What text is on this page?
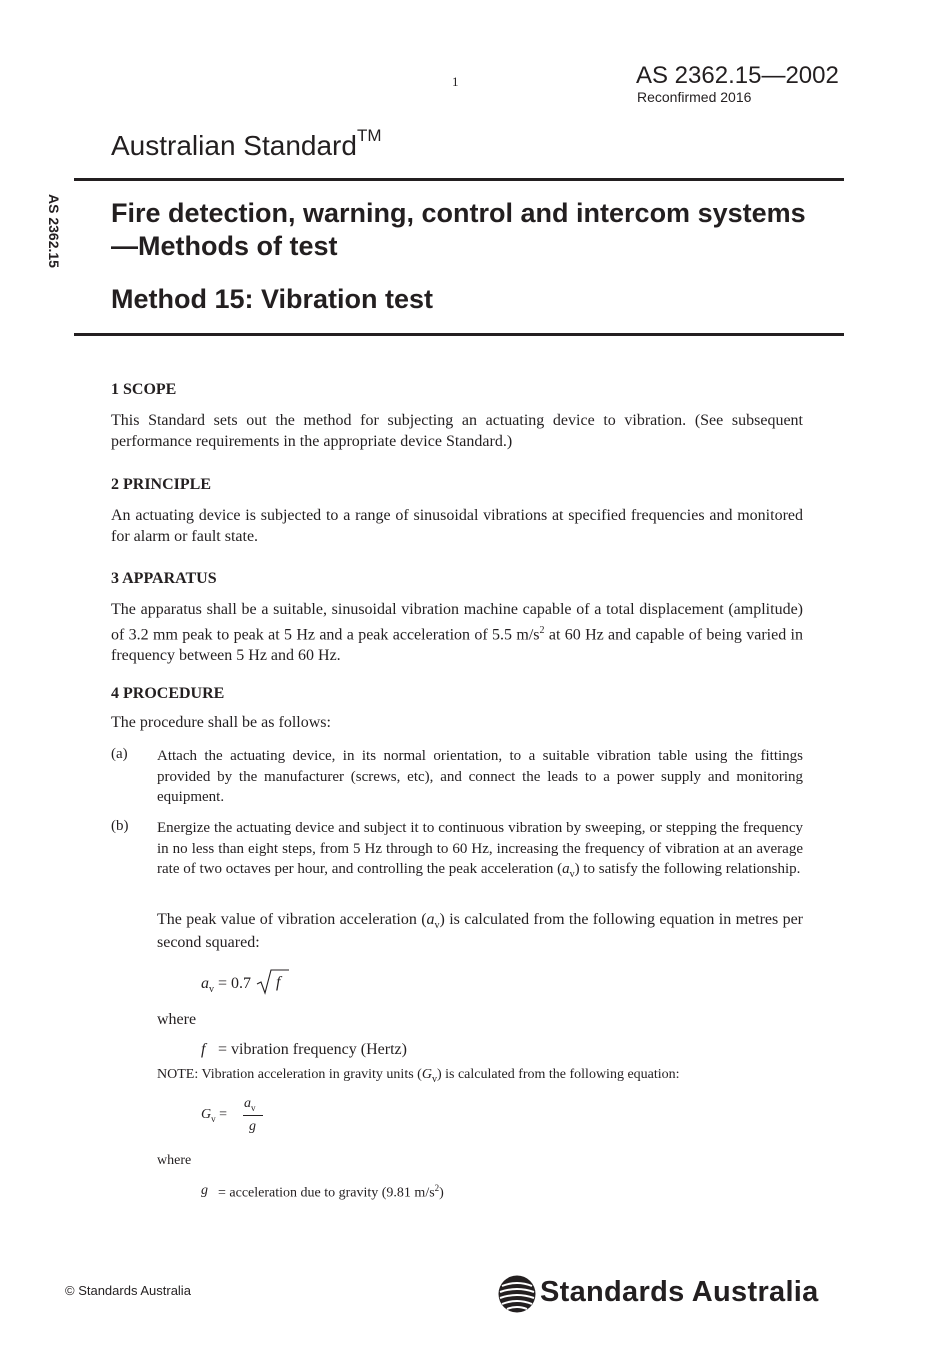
1	AS 2362.15—2002
Reconfirmed 2016
Australian Standard™
AS 2362.15 Fire detection, warning, control and intercom systems—Methods of test
Method 15: Vibration test
1 SCOPE
This Standard sets out the method for subjecting an actuating device to vibration. (See subsequent performance requirements in the appropriate device Standard.)
2 PRINCIPLE
An actuating device is subjected to a range of sinusoidal vibrations at specified frequencies and monitored for alarm or fault state.
3 APPARATUS
The apparatus shall be a suitable, sinusoidal vibration machine capable of a total displacement (amplitude) of 3.2 mm peak to peak at 5 Hz and a peak acceleration of 5.5 $m/s^2$ at 60 Hz and capable of being varied in frequency between 5 Hz and 60 Hz.
4 PROCEDURE
The procedure shall be as follows:
(a) Attach the actuating device, in its normal orientation, to a suitable vibration table using the fittings provided by the manufacturer (screws, etc), and connect the leads to a power supply and monitoring equipment.
(b) Energize the actuating device and subject it to continuous vibration by sweeping, or stepping the frequency in no less than eight steps, from 5 Hz through to 60 Hz, increasing the frequency of vibration at an average rate of two octaves per hour, and controlling the peak acceleration $(a_v)$ to satisfy the following relationship.
The peak value of vibration acceleration $(a_v)$ is calculated from the following equation in metres per second squared:
$a_v = 0.7$ f
where
f = vibration frequency (Hertz)
NOTE: Vibration acceleration in gravity units $(G_v)$ is calculated from the following equation:
$G_v$ =
$a_v$
g
where
g = acceleration due to gravity (9.81 $m/s^2$)
© Standards Australia	Standards Australia
